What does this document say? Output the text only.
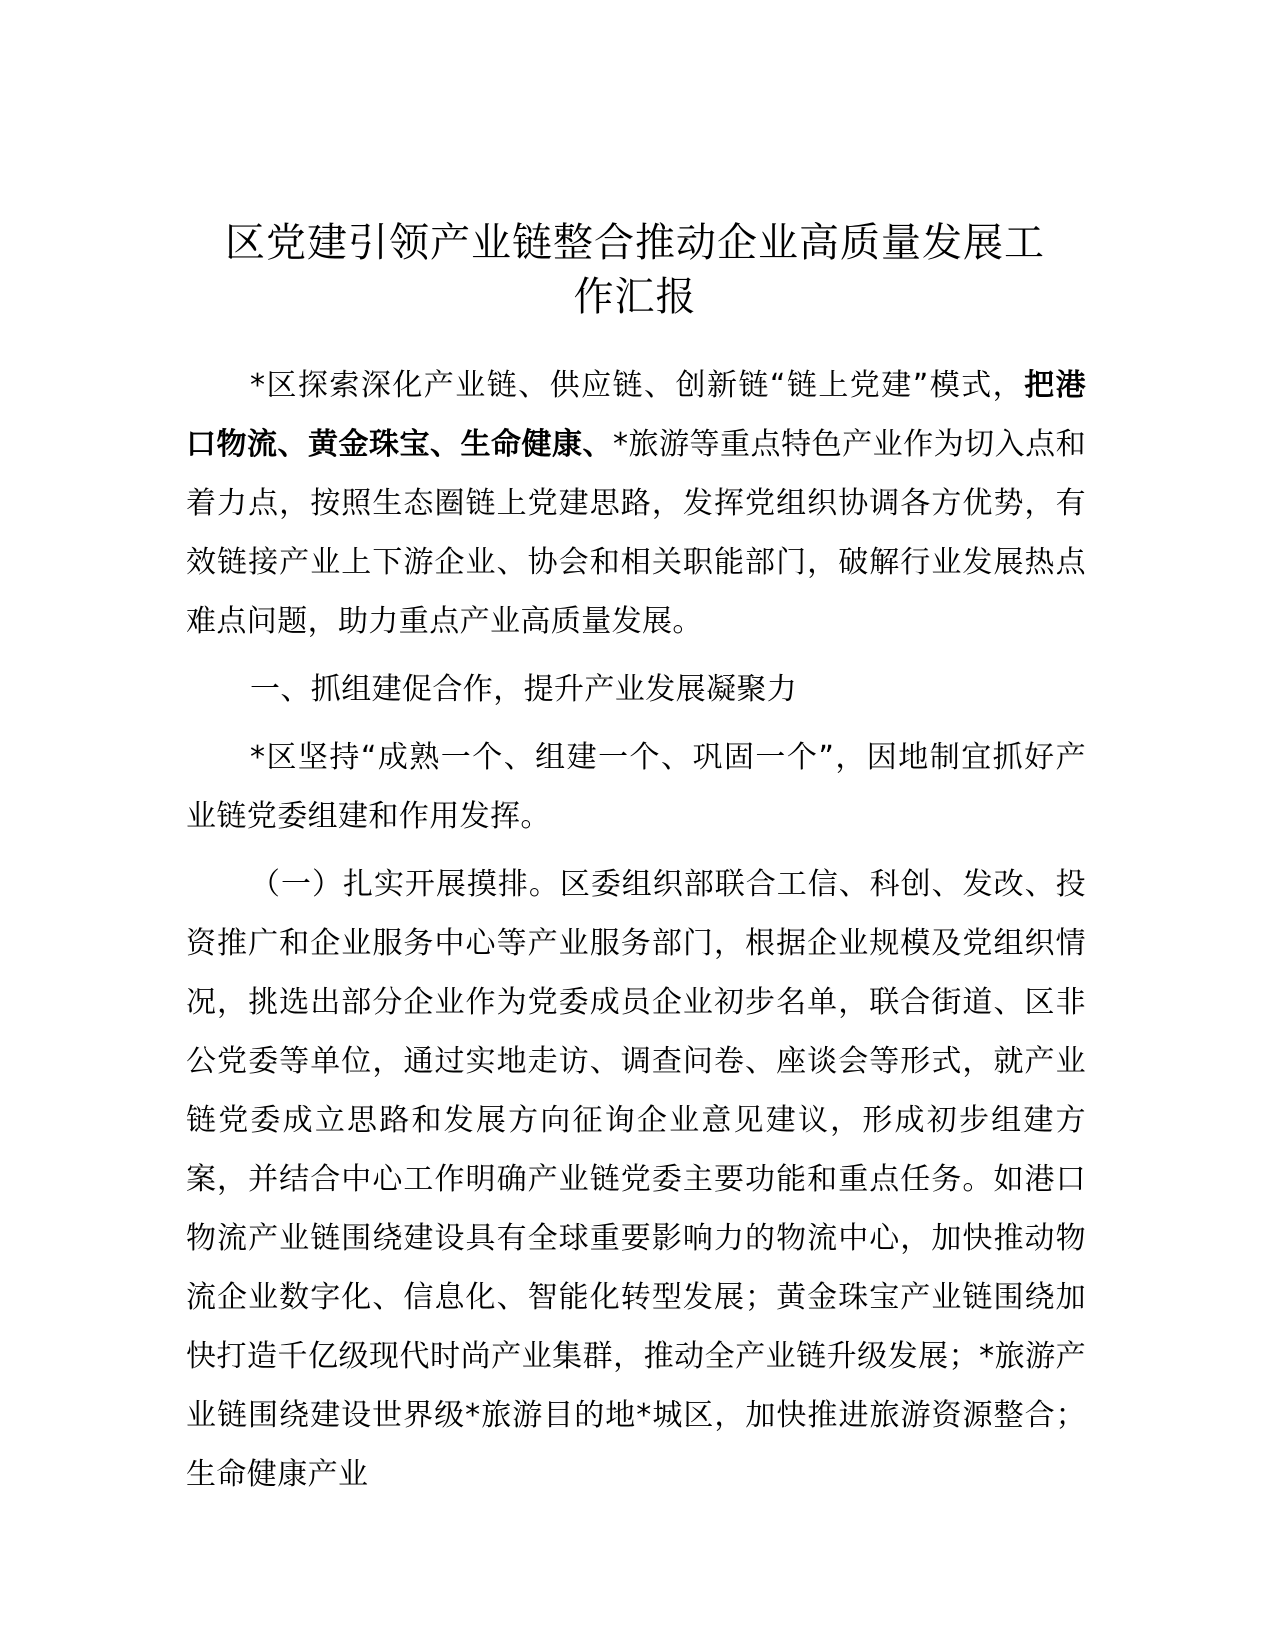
区党建引领产业链整合推动企业高质量发展工
作汇报

*区探索深化产业链、供应链、创新链“链上党建”模式，把港口物流、黄金珠宝、生命健康、*旅游等重点特色产业作为切入点和着力点，按照生态圈链上党建思路，发挥党组织协调各方优势，有效链接产业上下游企业、协会和相关职能部门，破解行业发展热点难点问题，助力重点产业高质量发展。

一、抓组建促合作，提升产业发展凝聚力

*区坚持“成熟一个、组建一个、巩固一个”，因地制宜抓好产业链党委组建和作用发挥。

（一）扎实开展摸排。区委组织部联合工信、科创、发改、投资推广和企业服务中心等产业服务部门，根据企业规模及党组织情况，挑选出部分企业作为党委成员企业初步名单，联合街道、区非公党委等单位，通过实地走访、调查问卷、座谈会等形式，就产业链党委成立思路和发展方向征询企业意见建议，形成初步组建方案，并结合中心工作明确产业链党委主要功能和重点任务。如港口物流产业链围绕建设具有全球重要影响力的物流中心，加快推动物流企业数字化、信息化、智能化转型发展；黄金珠宝产业链围绕加快打造千亿级现代时尚产业集群，推动全产业链升级发展；*旅游产业链围绕建设世界级*旅游目的地*城区，加快推进旅游资源整合；生命健康产业
